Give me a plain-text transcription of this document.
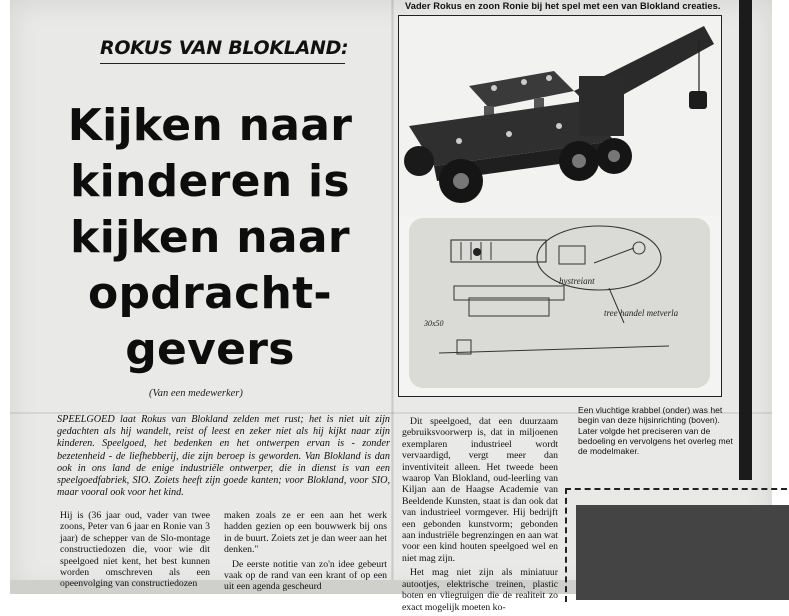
Vader Rokus en zoon Ronie bij het spel met een van Blokland creaties.
hystreiant
tree handel metverla
30x50
Een vluchtige krabbel (onder) was het begin van deze hijsinrichting (boven). Later volgde het preciseren van de bedoeling en vervolgens het overleg met de modelmaker.
ROKUS VAN BLOKLAND:
Kijken naar kinderen is kijken naar opdracht-gevers
(Van een medewerker)
SPEELGOED laat Rokus van Blokland zelden met rust; het is niet uit zijn gedachten als hij wandelt, reist of leest en zeker niet als hij kijkt naar zijn kinderen. Speelgoed, het bedenken en het ontwerpen ervan is - zonder bezetenheid - de liefhebberij, die zijn beroep is geworden. Van Blokland is dan ook in ons land de enige industriële ontwerper, die in dienst is van een speelgoedfabriek, SIO. Zoiets heeft zijn goede kanten; voor Blokland, voor SIO, maar vooral ook voor het kind.

Hij is (36 jaar oud, vader van twee zoons, Peter van 6 jaar en Ronie van 3 jaar) de schepper van de Slo-montage constructiedozen die, voor wie dit speelgoed niet kent, het best kunnen worden omschreven als een opeenvolging van constructiedozen

maken zoals ze er een aan het werk hadden gezien op een bouwwerk bij ons in de buurt. Zoiets zet je dan weer aan het denken."

De eerste notitie van zo'n idee gebeurt vaak op de rand van een krant of op een uit een agenda gescheurd

Dit speelgoed, dat een duurzaam gebruiksvoorwerp is, dat in miljoenen exemplaren industrieel wordt vervaardigd, vergt meer dan inventiviteit alleen. Het tweede been waarop Van Blokland, oud-leerling van Kiljan aan de Haagse Academie van Beeldende Kunsten, staat is dan ook dat van industrieel vormgever. Hij bedrijft een gebonden kunstvorm; gebonden aan industriële begrenzingen en aan wat voor een kind houten speelgoed wel en niet mag zijn.

Het mag niet zijn als miniatuur autootjes, elektrische treinen, plastic boten en vliegtuigen die de realiteit zo exact mogelijk moeten ko-
